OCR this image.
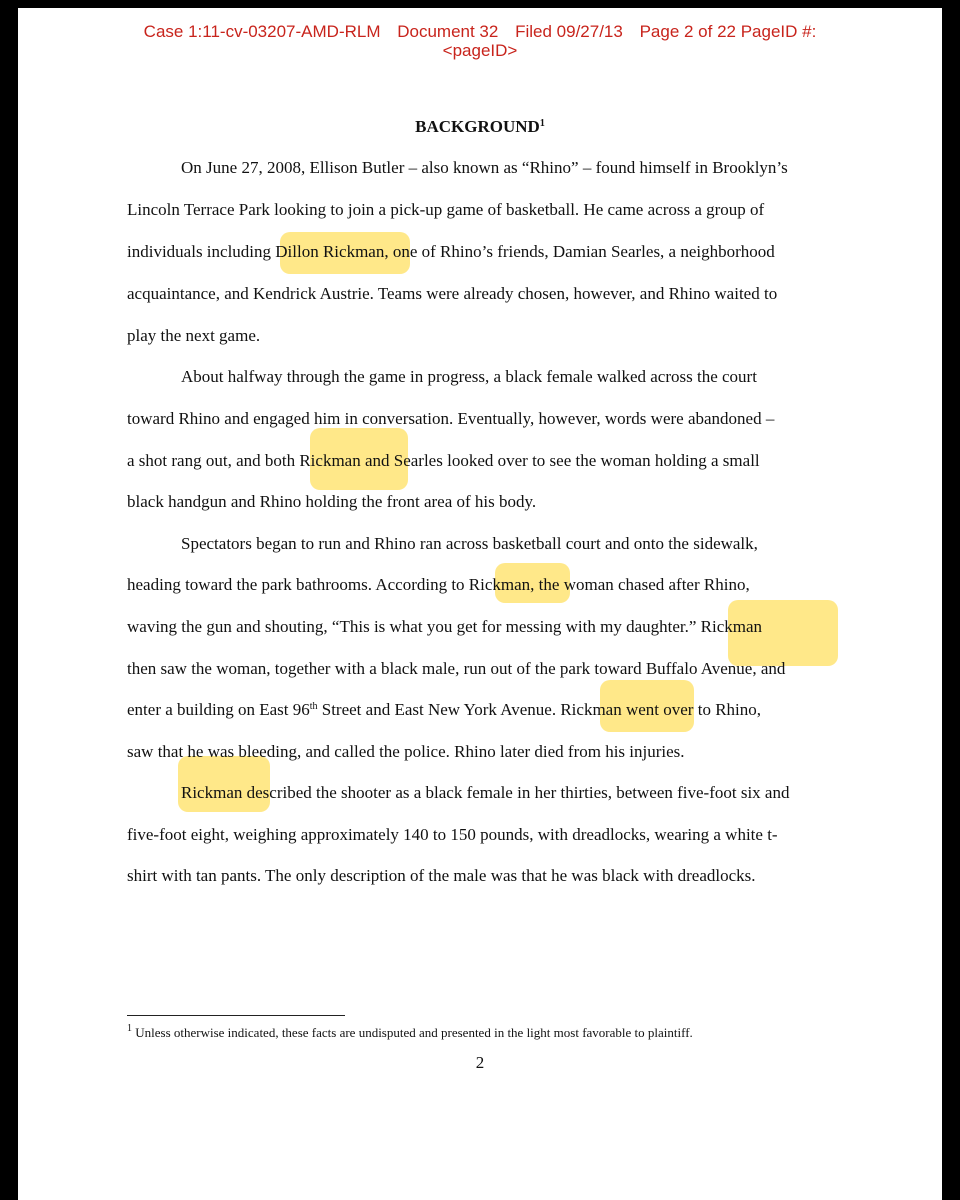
Case 1:11-cv-03207-AMD-RLM Document 32 Filed 09/27/13 Page 2 of 22 PageID #:
<pageID>
$BACKGROUND^1$
On June 27, 2008, Ellison Butler – also known as “Rhino” – found himself in Brooklyn’s
Lincoln Terrace Park looking to join a pick-up game of basketball. He came across a group of
individuals including Dillon Rickman, one of Rhino’s friends, Damian Searles, a neighborhood
acquaintance, and Kendrick Austrie. Teams were already chosen, however, and Rhino waited to
play the next game.
About halfway through the game in progress, a black female walked across the court
toward Rhino and engaged him in conversation. Eventually, however, words were abandoned –
a shot rang out, and both Rickman and Searles looked over to see the woman holding a small
black handgun and Rhino holding the front area of his body.
Spectators began to run and Rhino ran across basketball court and onto the sidewalk,
heading toward the park bathrooms. According to Rickman, the woman chased after Rhino,
waving the gun and shouting, “This is what you get for messing with my daughter.” Rickman
then saw the woman, together with a black male, run out of the park toward Buffalo Avenue, and
enter a building on East 96th Street and East New York Avenue. Rickman went over to Rhino,
saw that he was bleeding, and called the police. Rhino later died from his injuries.
Rickman described the shooter as a black female in her thirties, between five-foot six and
five-foot eight, weighing approximately 140 to 150 pounds, with dreadlocks, wearing a white t-
shirt with tan pants. The only description of the male was that he was black with dreadlocks.
$^1$ Unless otherwise indicated, these facts are undisputed and presented in the light most favorable to plaintiff.
2
